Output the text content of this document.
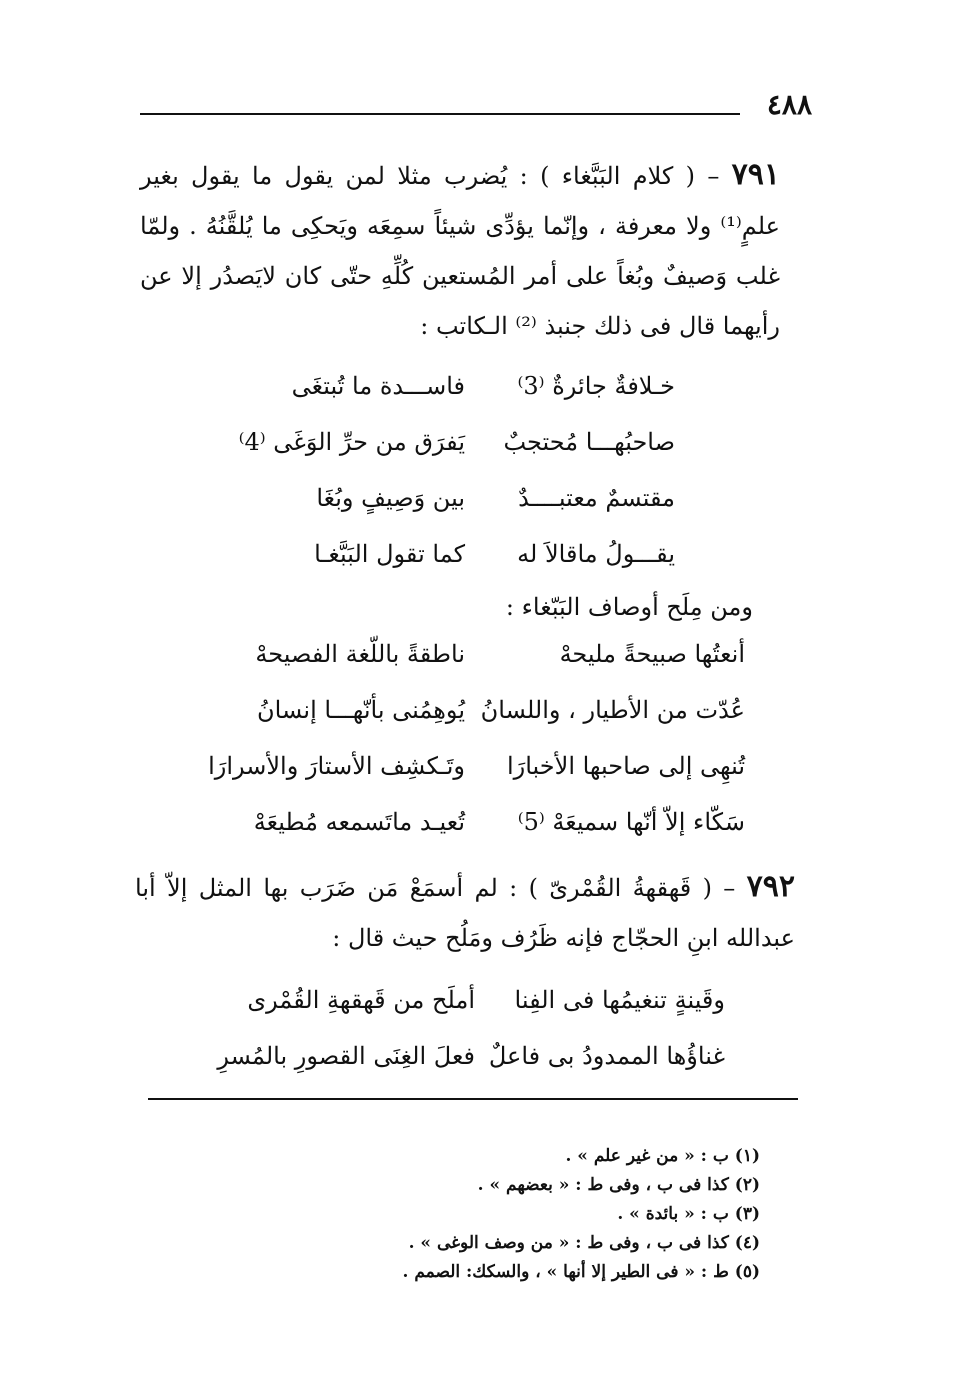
٤٨٨
٧٩١ – ( كلام البَبَّغاء ) : يُضرب مثلا لمن يقول ما يقول بغير علمٍ⁽¹⁾ ولا معرفة ، وإنّما يؤدِّى شيئاً سمِعَه ويَحكِى ما يُلقَّنُهُ . ولمّا غلب وَصيفٌ وبُغاً على أمر المُستعين كُلِّهِ حتّى كان لايَصدُر إلا عن رأيهما قال فى ذلك جنبذ ⁽²⁾ الـكاتب :
خـلافةٌ جائرةٌ ⁽3⁾
فاســـدة ما تُبتغَى
صاحبُهـــا مُحتجبٌ
يَفرَق من حرِّ الوَغَى ⁽4⁾
مقتسمٌ معتبــــدٌ
بين وَصِيفٍ وبُغَا
يقـــولُ ماقالاَ له
كما تقول البَبَّغـا
ومن مِلَح أوصاف البَبّغاء :
أنعتُها صبيحةً مليحهْ
ناطقةً باللّغة الفصيحهْ
عُدّت من الأطيار ، واللسانُ
يُوهِمُنى بأنّهـــا إنسانُ
تُنهِى إلى صاحبها الأخبارَا
وتَـكشِف الأستارَ والأسرارَا
سَكّاء إلاّ أنّها سميعَهْ ⁽5⁾
تُعيـد ماتَسمعه مُطيعَهْ
٧٩٢ – ( قَهقهةُ القُمْرىّ ) : لم أسمَعْ مَن ضَرَب بها المثل إلاّ أبا عبدالله ابنِ الحجّاج فإنه ظَرُف ومَلُح حيث قال :
وقَينةٍ تنغيمُها فى الفِنا
أملَح من قَهقهةِ القُمْرى
غناؤُها الممدودُ بى فاعلٌ
فعلَ الغِنَى القصورِ بالمُسرِ
(١) ب : « من غير علم » .
(٢) كذا فى ب ، وفى ط : « بعضهم » .
(٣) ب : « بائدة » .
(٤) كذا فى ب ، وفى ط : « من وصف الوغى » .
(٥) ط : « فى الطير إلا أنها » ، والسكك: الصمم .
